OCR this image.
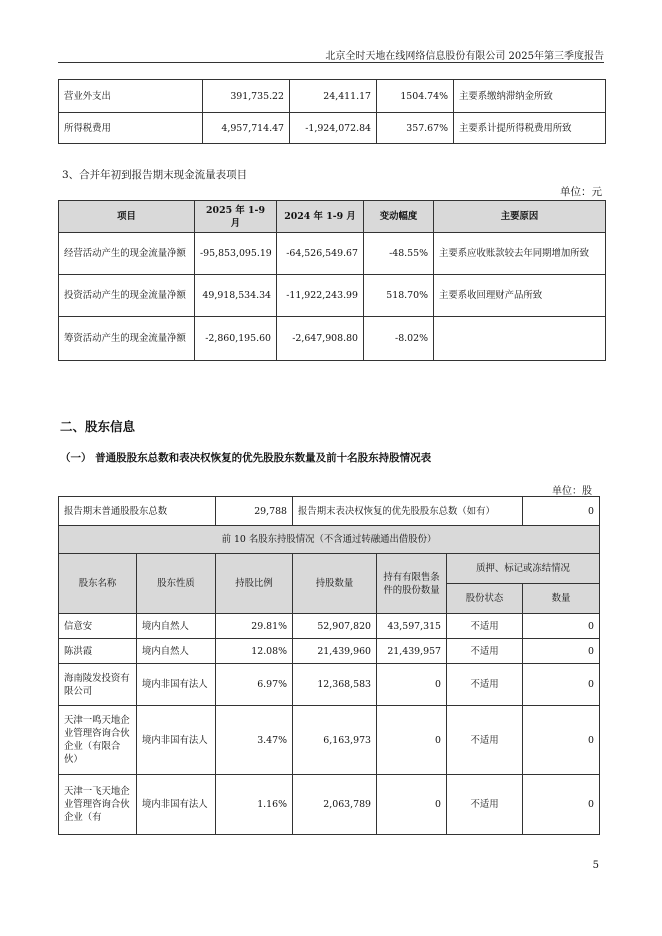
北京全时天地在线网络信息股份有限公司 2025年第三季度报告
营业外支出	391,735.22	24,411.17	1504.74%	主要系缴纳滞纳金所致
所得税费用	4,957,714.47	-1,924,072.84	357.67%	主要系计提所得税费用所致
3、合并年初到报告期末现金流量表项目
单位：元
项目	2025 年 1-9 月	2024 年 1-9 月	变动幅度	主要原因
经营活动产生的现金流量净额	-95,853,095.19	-64,526,549.67	-48.55%	主要系应收账款较去年同期增加所致
投资活动产生的现金流量净额	49,918,534.34	-11,922,243.99	518.70%	主要系收回理财产品所致
筹资活动产生的现金流量净额	-2,860,195.60	-2,647,908.80	-8.02%	
二、股东信息
（一） 普通股股东总数和表决权恢复的优先股股东数量及前十名股东持股情况表
单位：股
报告期末普通股股东总数		29,788	报告期末表决权恢复的优先股股东总数（如有）			0
前 10 名股东持股情况（不含通过转融通出借股份）						
股东名称	股东性质	持股比例	持股数量	持有有限售条件的股份数量	质押、标记或冻结情况	
					股份状态	数量
信意安	境内自然人	29.81%	52,907,820	43,597,315	不适用	0
陈洪霞	境内自然人	12.08%	21,439,960	21,439,957	不适用	0
海南陵发投资有限公司	境内非国有法人	6.97%	12,368,583	0	不适用	0
天津一鸣天地企业管理咨询合伙企业（有限合伙）	境内非国有法人	3.47%	6,163,973	0	不适用	0
天津一飞天地企业管理咨询合伙企业（有	境内非国有法人	1.16%	2,063,789	0	不适用	0
5
